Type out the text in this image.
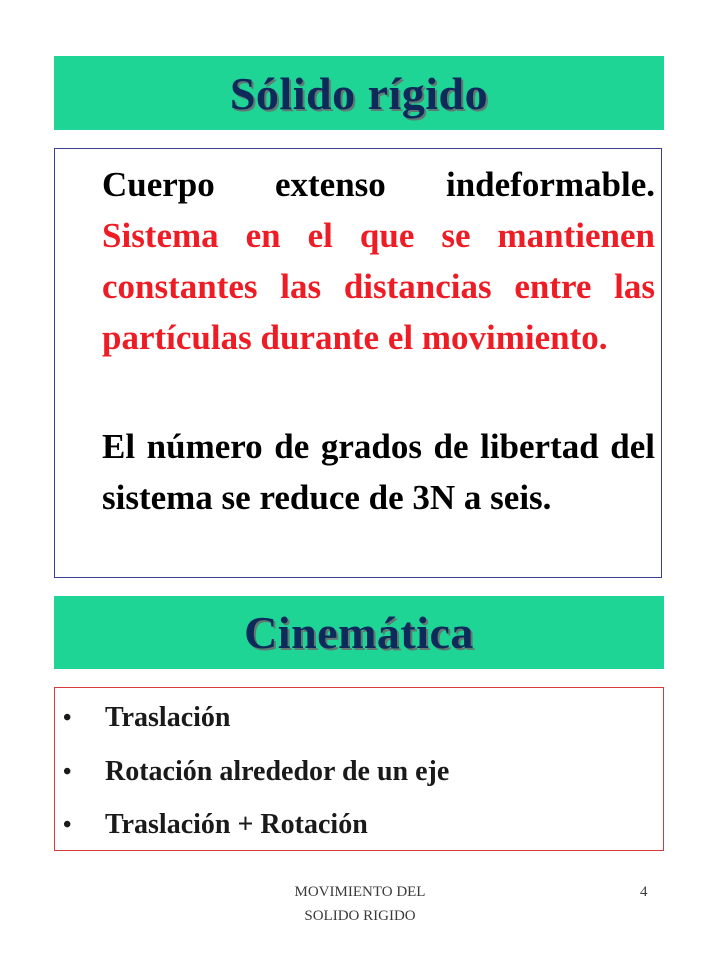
Sólido rígido

Cuerpo extenso indeformable. Sistema en el que se mantienen constantes las distancias entre las partículas durante el movimiento.

El número de grados de libertad del sistema se reduce de 3N a seis.

Cinemática
•	Traslación
•	Rotación alrededor de un eje
•	Traslación + Rotación
MOVIMIENTO DEL
SOLIDO RIGIDO
4
